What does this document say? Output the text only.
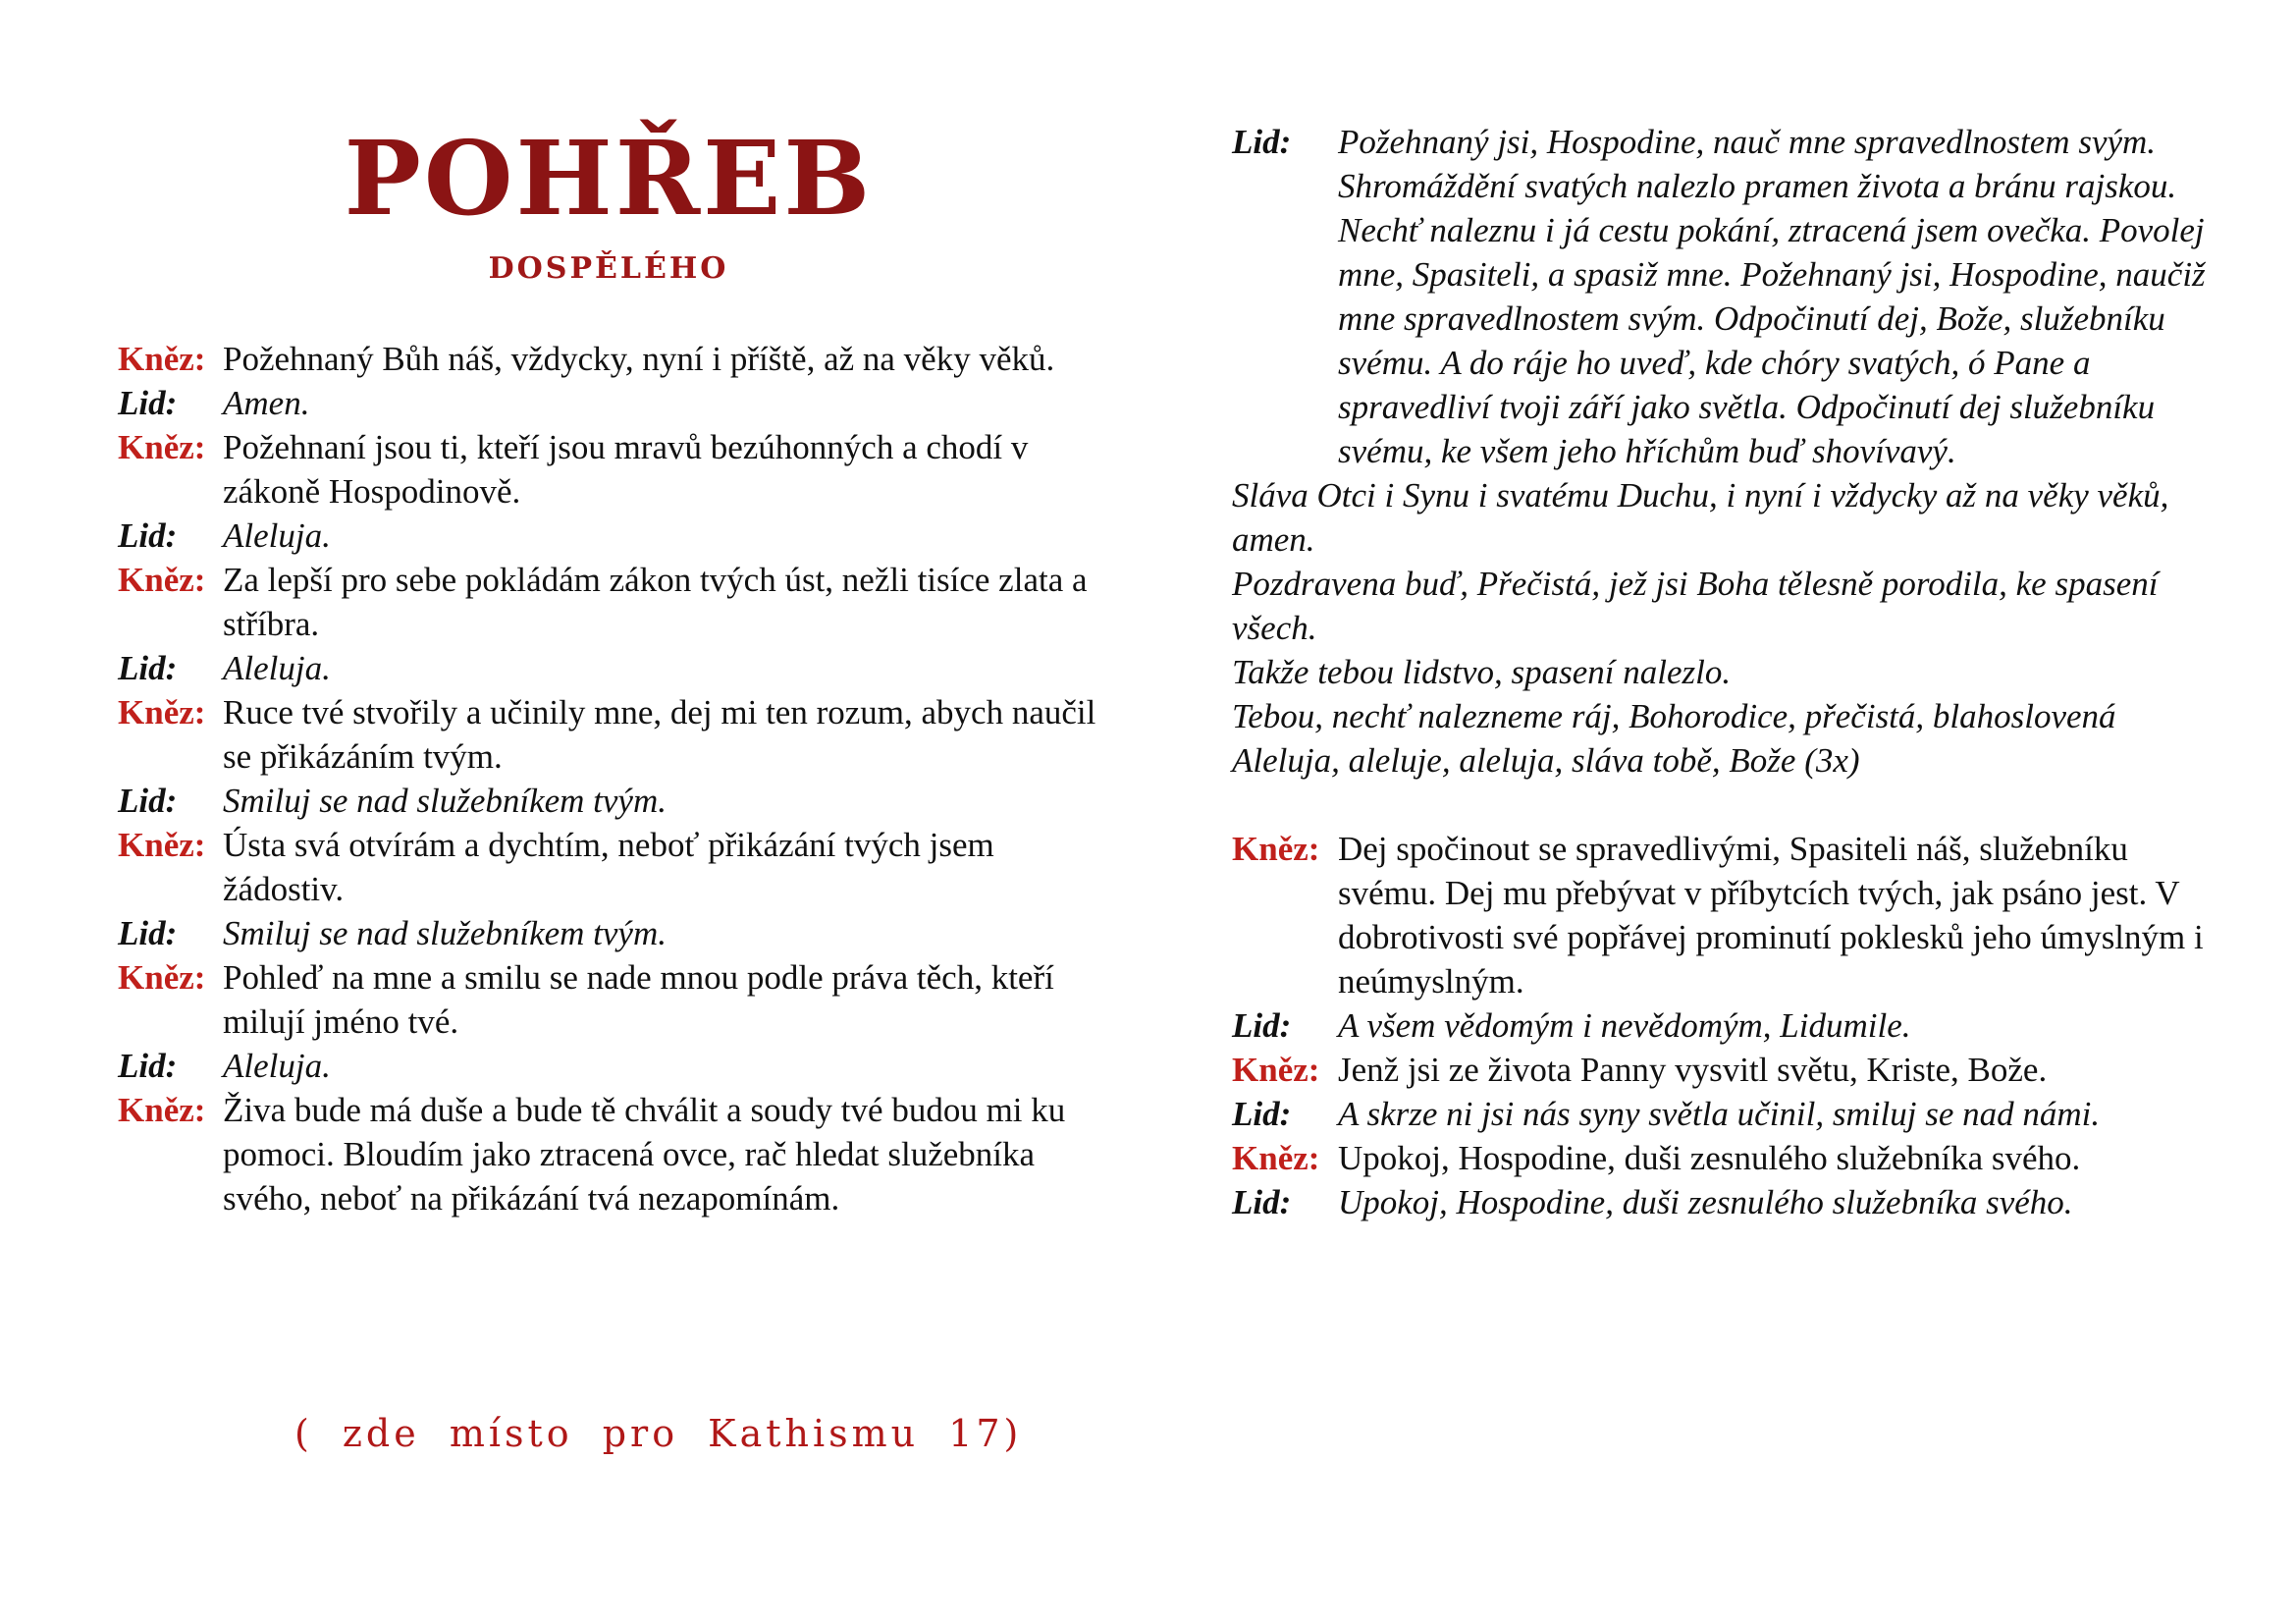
POHŘEB
DOSPĚLÉHO
Kněz: Požehnaný Bůh náš, vždycky, nyní i příště, až na věky věků.
Lid:	Amen.
Kněz: Požehnaní jsou ti, kteří jsou mravů bezúhonných a chodí v zákoně Hospodinově.
Lid:	Aleluja.
Kněz: Za lepší pro sebe pokládám zákon tvých úst, nežli tisíce zlata a stříbra.
Lid:	Aleluja.
Kněz: Ruce tvé stvořily a učinily mne, dej mi ten rozum, abych naučil se přikázáním tvým.
Lid:	Smiluj se nad služebníkem tvým.
Kněz: Ústa svá otvírám a dychtím, neboť přikázání tvých jsem žádostiv.
Lid:	Smiluj se nad služebníkem tvým.
Kněz: Pohleď na mne a smilu se nade mnou podle práva těch, kteří milují jméno tvé.
Lid:	Aleluja.
Kněz: Živa bude má duše a bude tě chválit a soudy tvé budou mi ku pomoci. Bloudím jako ztracená ovce, rač hledat služebníka svého, neboť na přikázání tvá nezapomínám.
( zde místo pro Kathismu 17)
Lid:	Požehnaný jsi, Hospodine, nauč mne spravedlnostem svým. Shromáždění svatých nalezlo pramen života a bránu rajskou. Nechť naleznu i já cestu pokání, ztracená jsem ovečka. Povolej mne, Spasiteli, a spasiž mne. Požehnaný jsi, Hospodine, naučiž mne spravedlnostem svým. Odpočinutí dej, Bože, služebníku svému. A do ráje ho uveď, kde chóry svatých, ó Pane a spravedliví tvoji září jako světla. Odpočinutí dej služebníku svému, ke všem jeho hříchům buď shovívavý.

Sláva Otci i Synu i svatému Duchu, i nyní i vždycky až na věky věků, amen.

Pozdravena buď, Přečistá, jež jsi Boha tělesně porodila, ke spasení všech.

Takže tebou lidstvo, spasení nalezlo.

Tebou, nechť nalezneme ráj, Bohorodice, přečistá, blahoslovená

Aleluja, aleluje, aleluja, sláva tobě, Bože (3x)

Kněz: Dej spočinout se spravedlivými, Spasiteli náš, služebníku svému. Dej mu přebývat v příbytcích tvých, jak psáno jest. V dobrotivosti své popřávej prominutí poklesků jeho úmyslným i neúmyslným.
Lid:	A všem vědomým i nevědomým, Lidumile.
Kněz: Jenž jsi ze života Panny vysvitl světu, Kriste, Bože.
Lid:	A skrze ni jsi nás syny světla učinil, smiluj se nad námi.
Kněz: Upokoj, Hospodine, duši zesnulého služebníka svého.
Lid:	Upokoj, Hospodine, duši zesnulého služebníka svého.
